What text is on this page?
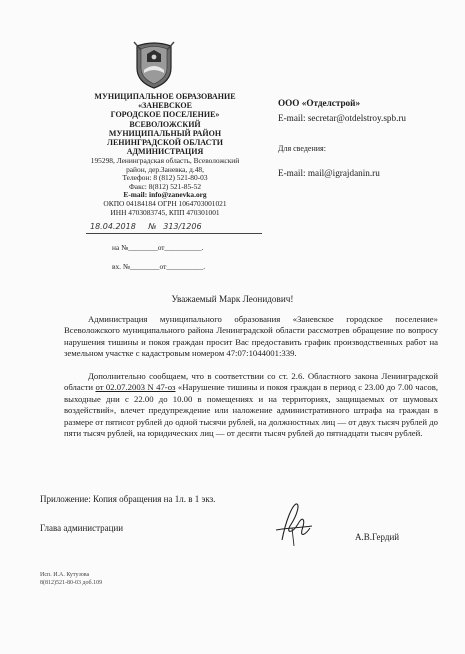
МУНИЦИПАЛЬНОЕ ОБРАЗОВАНИЕ
«ЗАНЕВСКОЕ
ГОРОДСКОЕ ПОСЕЛЕНИЕ»
ВСЕВОЛОЖСКИЙ
МУНИЦИПАЛЬНЫЙ РАЙОН
ЛЕНИНГРАДСКОЙ ОБЛАСТИ
АДМИНИСТРАЦИЯ
195298, Ленинградская область, Всеволожский
район, дер.Заневка, д.48,
Телефон: 8 (812) 521-80-03
Факс: 8(812) 521-85-52
E-mail: info@zanevka.org
ОКПО 04184184 ОГРН 1064703001021
ИНН 4703083745, КПП 470301001
18.04.2018 № 313/1206
на №________от__________.
вх. №________от__________.
ООО «Отделстрой»
E-mail: secretar@otdelstroy.spb.ru
Для сведения:
E-mail: mail@igrajdanin.ru
Уважаемый Марк Леонидович!
Администрация муниципального образования «Заневское городское поселение» Всеволожского муниципального района Ленинградской области рассмотрев обращение по вопросу нарушения тишины и покоя граждан просит Вас предоставить график производственных работ на земельном участке с кадастровым номером 47:07:1044001:339.
Дополнительно сообщаем, что в соответствии со ст. 2.6. Областного закона Ленинградской области от 02.07.2003 N 47-оз «Нарушение тишины и покоя граждан в период с 23.00 до 7.00 часов, выходные дни с 22.00 до 10.00 в помещениях и на территориях, защищаемых от шумовых воздействий», влечет предупреждение или наложение административного штрафа на граждан в размере от пятисот рублей до одной тысячи рублей, на должностных лиц — от двух тысяч рублей до пяти тысяч рублей, на юридических лиц — от десяти тысяч рублей до пятнадцати тысяч рублей.
Приложение: Копия обращения на 1л. в 1 экз.
Глава администрации
А.В.Гердий
Исп. И.А. Кутузова
8(812)521-80-03 доб.109
